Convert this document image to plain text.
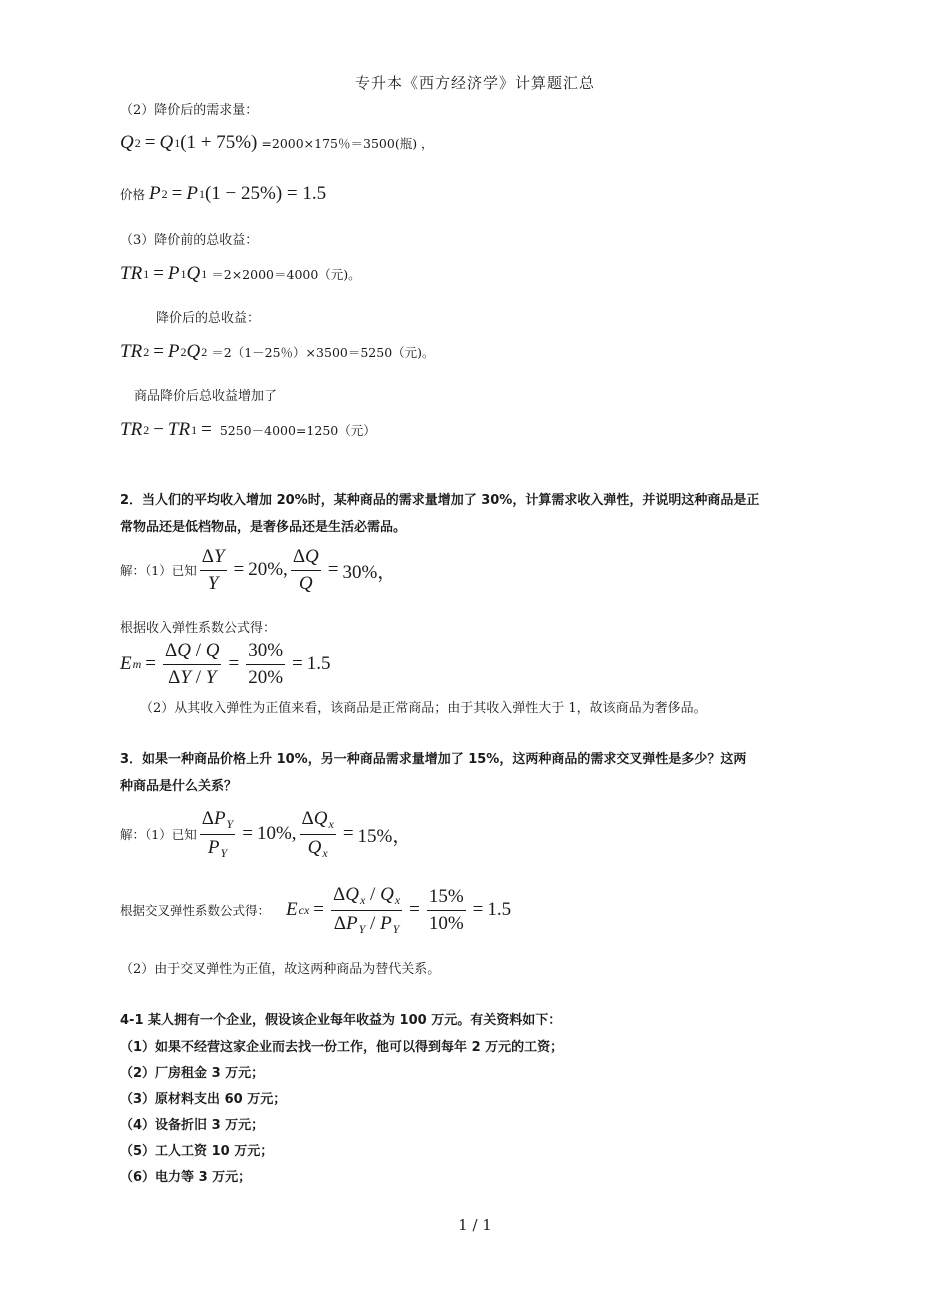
专升本《西方经济学》计算题汇总
（2）降价后的需求量：
Q 2 = Q 1 (1 + 75%) =2000×175％＝3500(瓶) ，
价格 P 2 = P 1 (1 − 25%) = 1.5
（3）降价前的总收益：
TR 1 = P 1 Q 1 ＝2×2000＝4000（元)。
降价后的总收益：
TR 2 = P 2 Q 2 ＝2（1－25％）×3500＝5250（元)。
商品降价后总收益增加了
TR 2 − TR 1 = 5250－4000=1250（元）
2．当人们的平均收入增加 20%时，某种商品的需求量增加了 30%，计算需求收入弹性，并说明这种商品是正
常物品还是低档物品，是奢侈品还是生活必需品。
解：（1）已知 $\frac{\Delta Y}{Y} = 20\%$, $\frac{\Delta Q}{Q} = 30\%$，
根据收入弹性系数公式得：
E $m = \frac{\Delta Q / Q}{\Delta Y / Y} = \frac{30\%}{20\%} = 1.5$
（2）从其收入弹性为正值来看，该商品是正常商品；由于其收入弹性大于 1，故该商品为奢侈品。
3．如果一种商品价格上升 10%，另一种商品需求量增加了 15%，这两种商品的需求交叉弹性是多少？这两
种商品是什么关系？
解：（1）已知 $\frac{\Delta P_Y}{P_Y} = 10\%$, $\frac{\Delta Q_x}{Q_x} = 15\%$，
根据交叉弹性系数公式得： E cx = $\frac{\Delta Q_x / Q_x}{\Delta P_Y / P_Y} = \frac{15\%}{10\%} = 1.5$
（2）由于交叉弹性为正值，故这两种商品为替代关系。
4-1 某人拥有一个企业，假设该企业每年收益为 100 万元。有关资料如下：
（1）如果不经营这家企业而去找一份工作，他可以得到每年 2 万元的工资；
（2）厂房租金 3 万元；
（3）原材料支出 60 万元；
（4）设备折旧 3 万元；
（5）工人工资 10 万元；
（6）电力等 3 万元；
1 / 1
